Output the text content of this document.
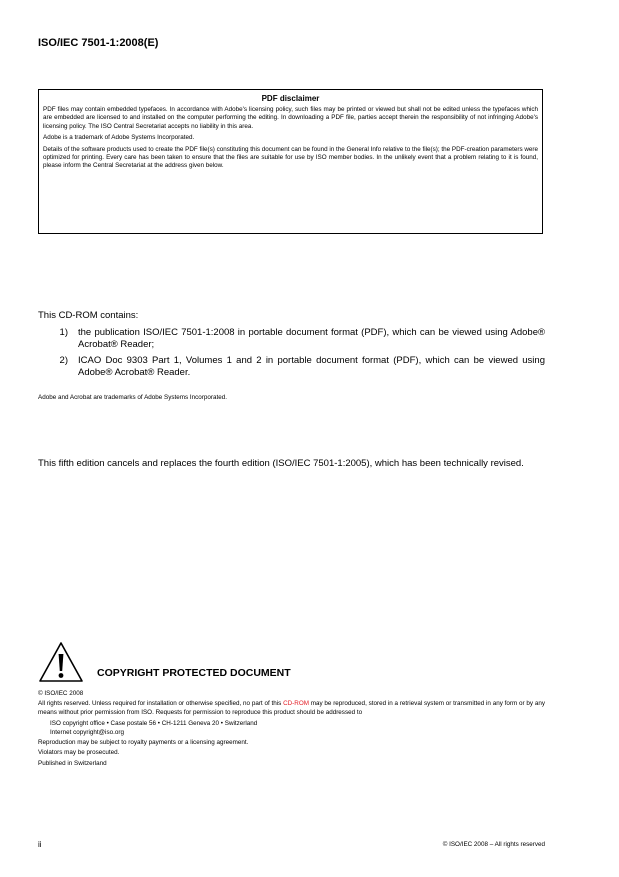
ISO/IEC 7501-1:2008(E)
PDF disclaimer

PDF files may contain embedded typefaces. In accordance with Adobe's licensing policy, such files may be printed or viewed but shall not be edited unless the typefaces which are embedded are licensed to and installed on the computer performing the editing. In downloading a PDF file, parties accept therein the responsibility of not infringing Adobe's licensing policy. The ISO Central Secretariat accepts no liability in this area.

Adobe is a trademark of Adobe Systems Incorporated.

Details of the software products used to create the PDF file(s) constituting this document can be found in the General Info relative to the file(s); the PDF-creation parameters were optimized for printing. Every care has been taken to ensure that the files are suitable for use by ISO member bodies. In the unlikely event that a problem relating to it is found, please inform the Central Secretariat at the address given below.

This CD-ROM contains:
1)	the publication ISO/IEC 7501-1:2008 in portable document format (PDF), which can be viewed using Adobe® Acrobat® Reader;
2)	ICAO Doc 9303 Part 1, Volumes 1 and 2 in portable document format (PDF), which can be viewed using Adobe® Acrobat® Reader.
Adobe and Acrobat are trademarks of Adobe Systems Incorporated.
This fifth edition cancels and replaces the fourth edition (ISO/IEC 7501-1:2005), which has been technically revised.
COPYRIGHT PROTECTED DOCUMENT

© ISO/IEC 2008

All rights reserved. Unless required for installation or otherwise specified, no part of this CD-ROM may be reproduced, stored in a retrieval system or transmitted in any form or by any means without prior permission from ISO. Requests for permission to reproduce this product should be addressed to

ISO copyright office • Case postale 56 • CH-1211 Geneva 20 • Switzerland

Internet copyright@iso.org

Reproduction may be subject to royalty payments or a licensing agreement.

Violators may be prosecuted.

Published in Switzerland

ii	© ISO/IEC 2008 – All rights reserved
